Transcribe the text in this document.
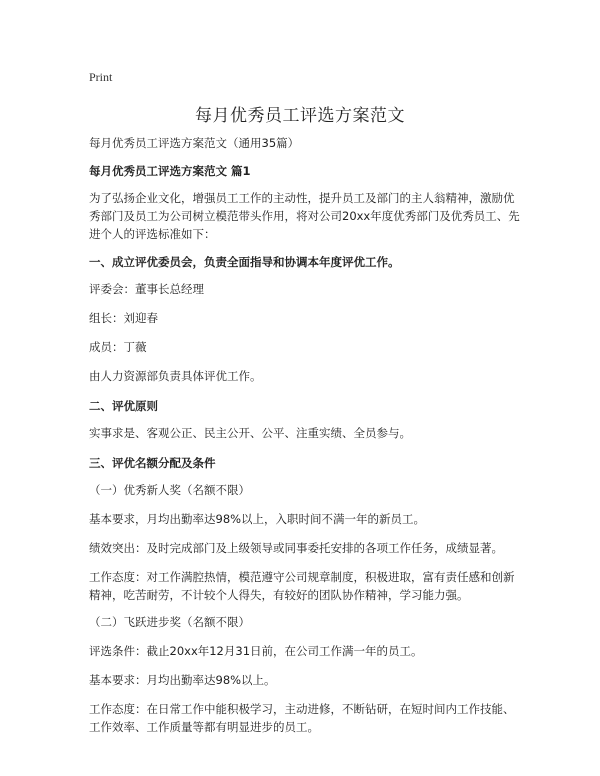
Print
每月优秀员工评选方案范文

每月优秀员工评选方案范文（通用35篇）

每月优秀员工评选方案范文 篇1

为了弘扬企业文化，增强员工工作的主动性，提升员工及部门的主人翁精神，激励优秀部门及员工为公司树立模范带头作用，将对公司20xx年度优秀部门及优秀员工、先进个人的评选标准如下：

一、成立评优委员会，负责全面指导和协调本年度评优工作。

评委会：董事长总经理

组长：刘迎春

成员：丁薇

由人力资源部负责具体评优工作。

二、评优原则

实事求是、客观公正、民主公开、公平、注重实绩、全员参与。

三、评优名额分配及条件

（一）优秀新人奖（名额不限）

基本要求，月均出勤率达98%以上，入职时间不满一年的新员工。

绩效突出：及时完成部门及上级领导或同事委托安排的各项工作任务，成绩显著。

工作态度：对工作满腔热情，模范遵守公司规章制度，积极进取，富有责任感和创新精神，吃苦耐劳，不计较个人得失，有较好的团队协作精神，学习能力强。

（二）飞跃进步奖（名额不限）

评选条件：截止20xx年12月31日前，在公司工作满一年的员工。

基本要求：月均出勤率达98%以上。

工作态度：在日常工作中能积极学习，主动进修，不断钻研，在短时间内工作技能、工作效率、工作质量等都有明显进步的员工。
